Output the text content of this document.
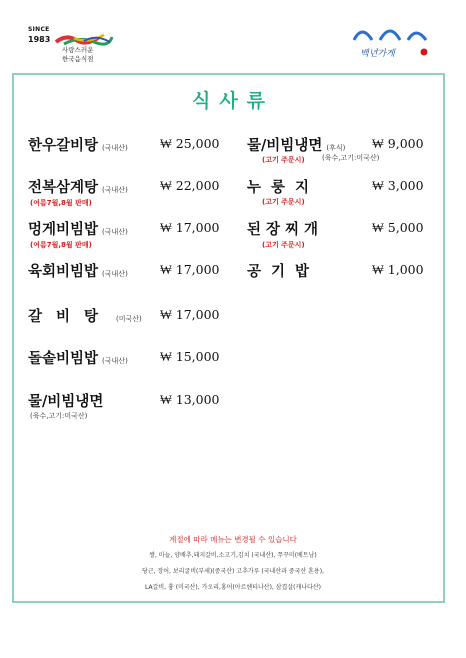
SINCE
1983
사랑스러운
한국음식점	백년가게
식사류
한우갈비탕 (국내산)	₩ 25,000
전복삼계탕 (국내산)	₩ 22,000
(여름7월,8월 판매)
멍게비빔밥 (국내산)	₩ 17,000
(여름7월,8월 판매)
육회비빔밥 (국내산)	₩ 17,000
갈비탕 (미국산) ₩ 17,000
돌솥비빔밥 (국내산)	₩ 15,000
물/비빔냉면	₩ 13,000
(육수,고기:미국산)
물/비빔냉면 (후식) ₩ 9,000
(고기 주문시) (육수,고기:미국산)
누룽지	₩ 3,000
(고기 주문시)
된장찌개	₩ 5,000
(고기 주문시)
공기밥	₩ 1,000
계절에 따라 메뉴는 변경될 수 있습니다
쌀, 마늘, 양배추,돼지갈비,소고기,김치 (국내산), 쭈꾸미(베트남)
당근, 장어, 보리굴비(부세)(중국산) 고추가루 (국내산과 중국산 혼용),
LA갈비, 흉 (미국산), 가오리,홍어(아르헨티나산), 삼겹살(캐나다산)
